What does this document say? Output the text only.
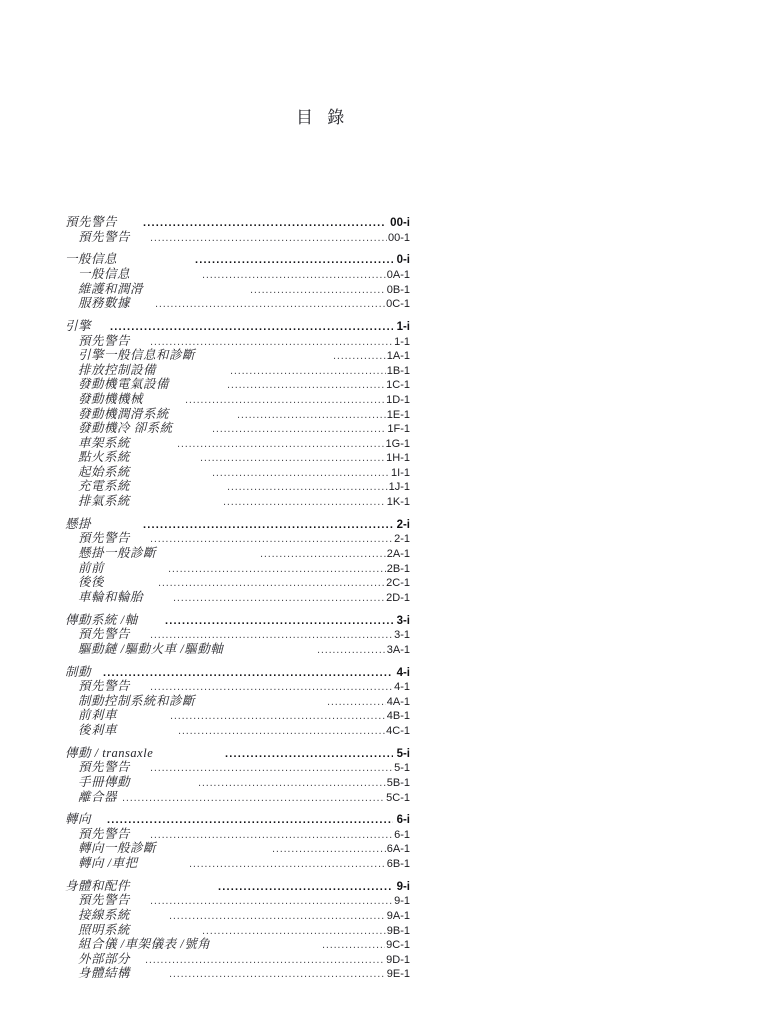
目 錄
預先警告 .....	00-i
預先警告 .....	00-1
一般信息 .....	0-i
一般信息 .....	0A-1
維護和潤滑 .....	0B-1
服務數據 .....	0C-1
引擎 .....	1-i
預先警告 .....	1-1
引擎一般信息和診斷 .....	1A-1
排放控制設備 .....	1B-1
發動機電氣設備 .....	1C-1
發動機機械 .....	1D-1
發動機潤滑系統 .....	1E-1
發動機冷 卻系統 .....	1F-1
車架系統 .....	1G-1
點火系統 .....	1H-1
起始系統 .....	1I-1
充電系統 .....	1J-1
排氣系統 .....	1K-1
懸掛 .....	2-i
預先警告 .....	2-1
懸掛一般診斷 .....	2A-1
前前 .....	2B-1
後後 .....	2C-1
車輪和輪胎 .....	2D-1
傳動系統 /軸 .....	3-i
預先警告 .....	3-1
驅動鏈 /驅動火車 /驅動軸 .....	3A-1
制動 .....	4-i
預先警告 .....	4-1
制動控制系統和診斷 .....	4A-1
前剎車 .....	4B-1
後剎車 .....	4C-1
傳動 / transaxle .....	5-i
預先警告 .....	5-1
手冊傳動 .....	5B-1
離合器 .....	5C-1
轉向 .....	6-i
預先警告 .....	6-1
轉向一般診斷 .....	6A-1
轉向 /車把 .....	6B-1
身體和配件 .....	9-i
預先警告 .....	9-1
接線系統 .....	9A-1
照明系統 .....	9B-1
組合儀 /車架儀表 /號角 .....	9C-1
外部部分 .....	9D-1
身體結構 .....	9E-1
